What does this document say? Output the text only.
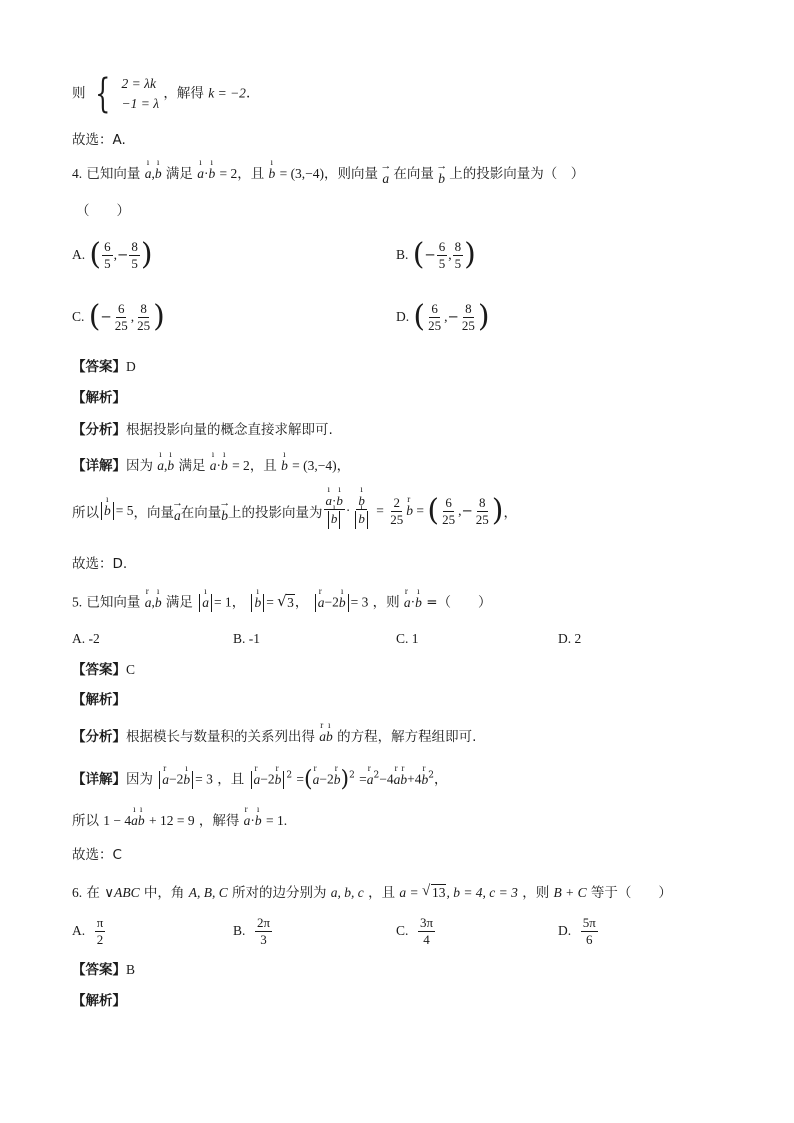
则 { 2 = λk
−1 = λ
，解得 k = −2.
故选：A.
4. 已知向量 ı a,ı b 满足 ı a·ı b = 2，且 ı b = (3,−4)，则向量 → a 在向量 → b 上的投影向量为（　）
（　　）
A.
( $\frac{6}{5}$ , − $\frac{8}{5}$ )	B.
( − $\frac{6}{5}$ , $\frac{8}{5}$ )
C.
( − $\frac{6}{25}$ , $\frac{8}{25}$ )	D.
( $\frac{6}{25}$ , − $\frac{8}{25}$ )
【答案】D
【解析】
【分析】根据投影向量的概念直接求解即可.
【详解】因为 ı a,ı b 满足 ı a·ı b = 2，且 ı b = (3,−4)，
所以 ı b = 5 ，向量 → a 在向量 → b 上的投影向量为 ı a·ı b
ı b · ı b
ı $b = \frac{2}{25}$ r b = ( $\frac{6}{25}$ , − $\frac{8}{25}$ ) ，
故选：D.
5. 已知向量 r a,ı b 满足 ı a = 1， ı b = √ 3， r a−2ı b = 3 ，则 r a·ı b =（　　）
A. -2	B. -1	C. 1	D. 2
【答案】C
【解析】
【分析】根据模长与数量积的关系列出得 r aı b 的方程，解方程组即可.
【详解】因为 r a−2ı b = 3 ，且 r a−2r b $^2$ =(r a−2r b)$^2$ =r $a^2-4r$ ar b+4r $b^2$，
所以 1 − 4ı aı b + 12 = 9 ，解得 r a·ı b = 1.
故选：C
6. 在 ∨ABC 中，角 A, B, C 所对的边分别为 a, b, c ，且 a = √ 13, b = 4, c = 3 ，则 B + C 等于（　　）
A.
$\frac{\pi}{2}$	B.
$\frac{2\pi}{3}$	C.
$\frac{3\pi}{4}$	D.
$\frac{5\pi}{6}$
【答案】B
【解析】
